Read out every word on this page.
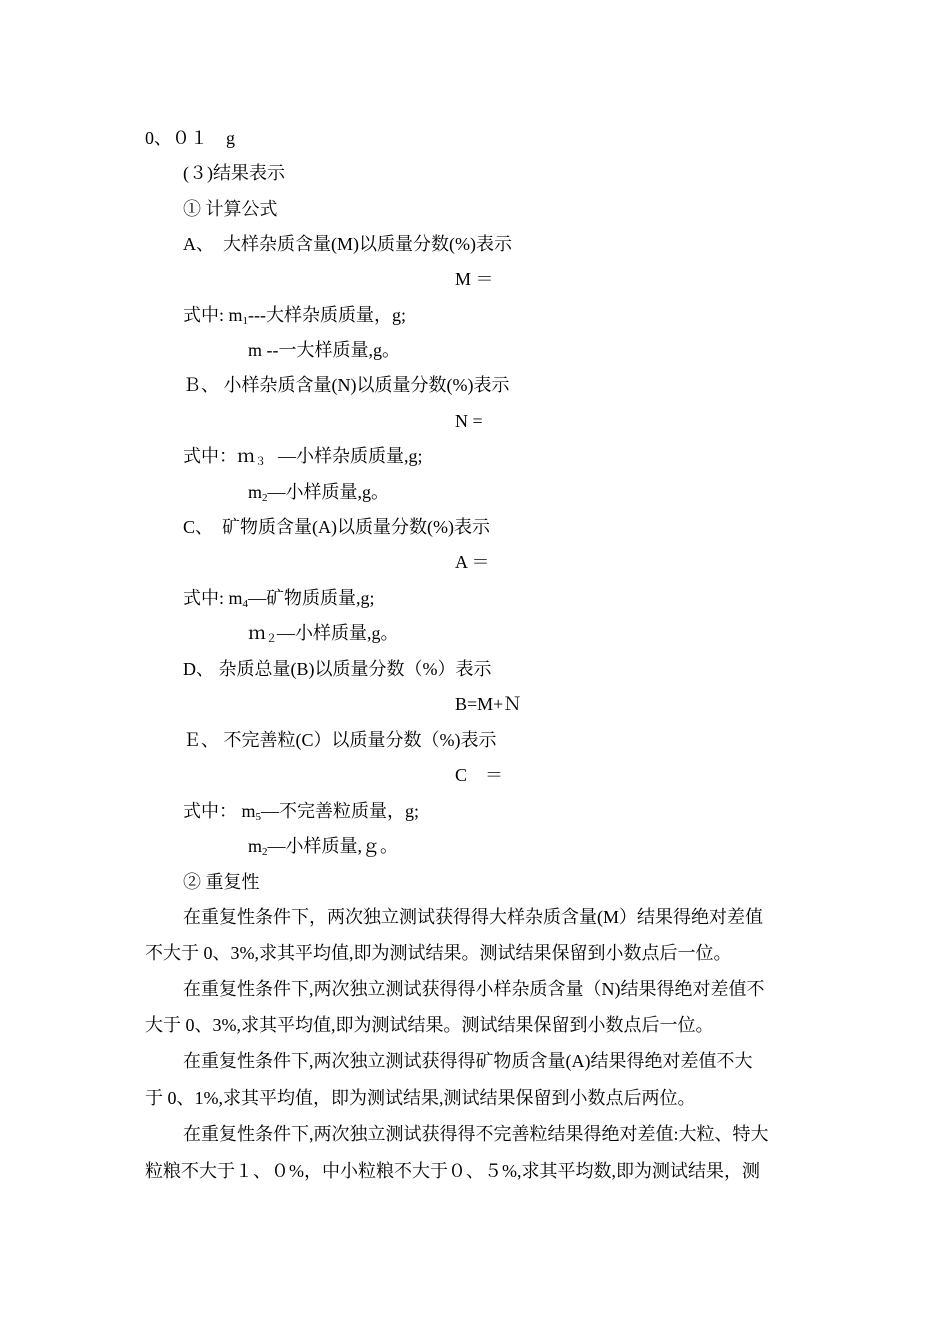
0、０１　g
(３)结果表示
① 计算公式
A、　大样杂质含量(M)以质量分数(%)表示
M ＝
式中: $m_1---$大样杂质质量，g;
m --一大样质量,g。
Ｂ、 小样杂质含量(N)以质量分数(%)表示
N =
式中：ｍ$_3$ —小样杂质质量,g;
$m_2—$小样质量,g。
C、　矿物质含量(A)以质量分数(%)表示
A ＝
式中: $m_4—$矿物质质量,g;
ｍ$_2$—小样质量,g。
D、 杂质总量(B)以质量分数（%）表示
B=M+Ｎ
Ｅ、 不完善粒(C）以质量分数（%)表示
C　＝
式中： $m_5—$不完善粒质量，g;
$m_2—$小样质量,ｇ。
② 重复性
在重复性条件下，两次独立测试获得得大样杂质含量(M）结果得绝对差值
不大于 0、3%,求其平均值,即为测试结果。测试结果保留到小数点后一位。
在重复性条件下,两次独立测试获得得小样杂质含量（N)结果得绝对差值不
大于 0、3%,求其平均值,即为测试结果。测试结果保留到小数点后一位。
在重复性条件下,两次独立测试获得得矿物质含量(A)结果得绝对差值不大
于 0、1%,求其平均值，即为测试结果,测试结果保留到小数点后两位。
在重复性条件下,两次独立测试获得得不完善粒结果得绝对差值:大粒、特大
粒粮不大于１、０%，中小粒粮不大于０、５%,求其平均数,即为测试结果，测
